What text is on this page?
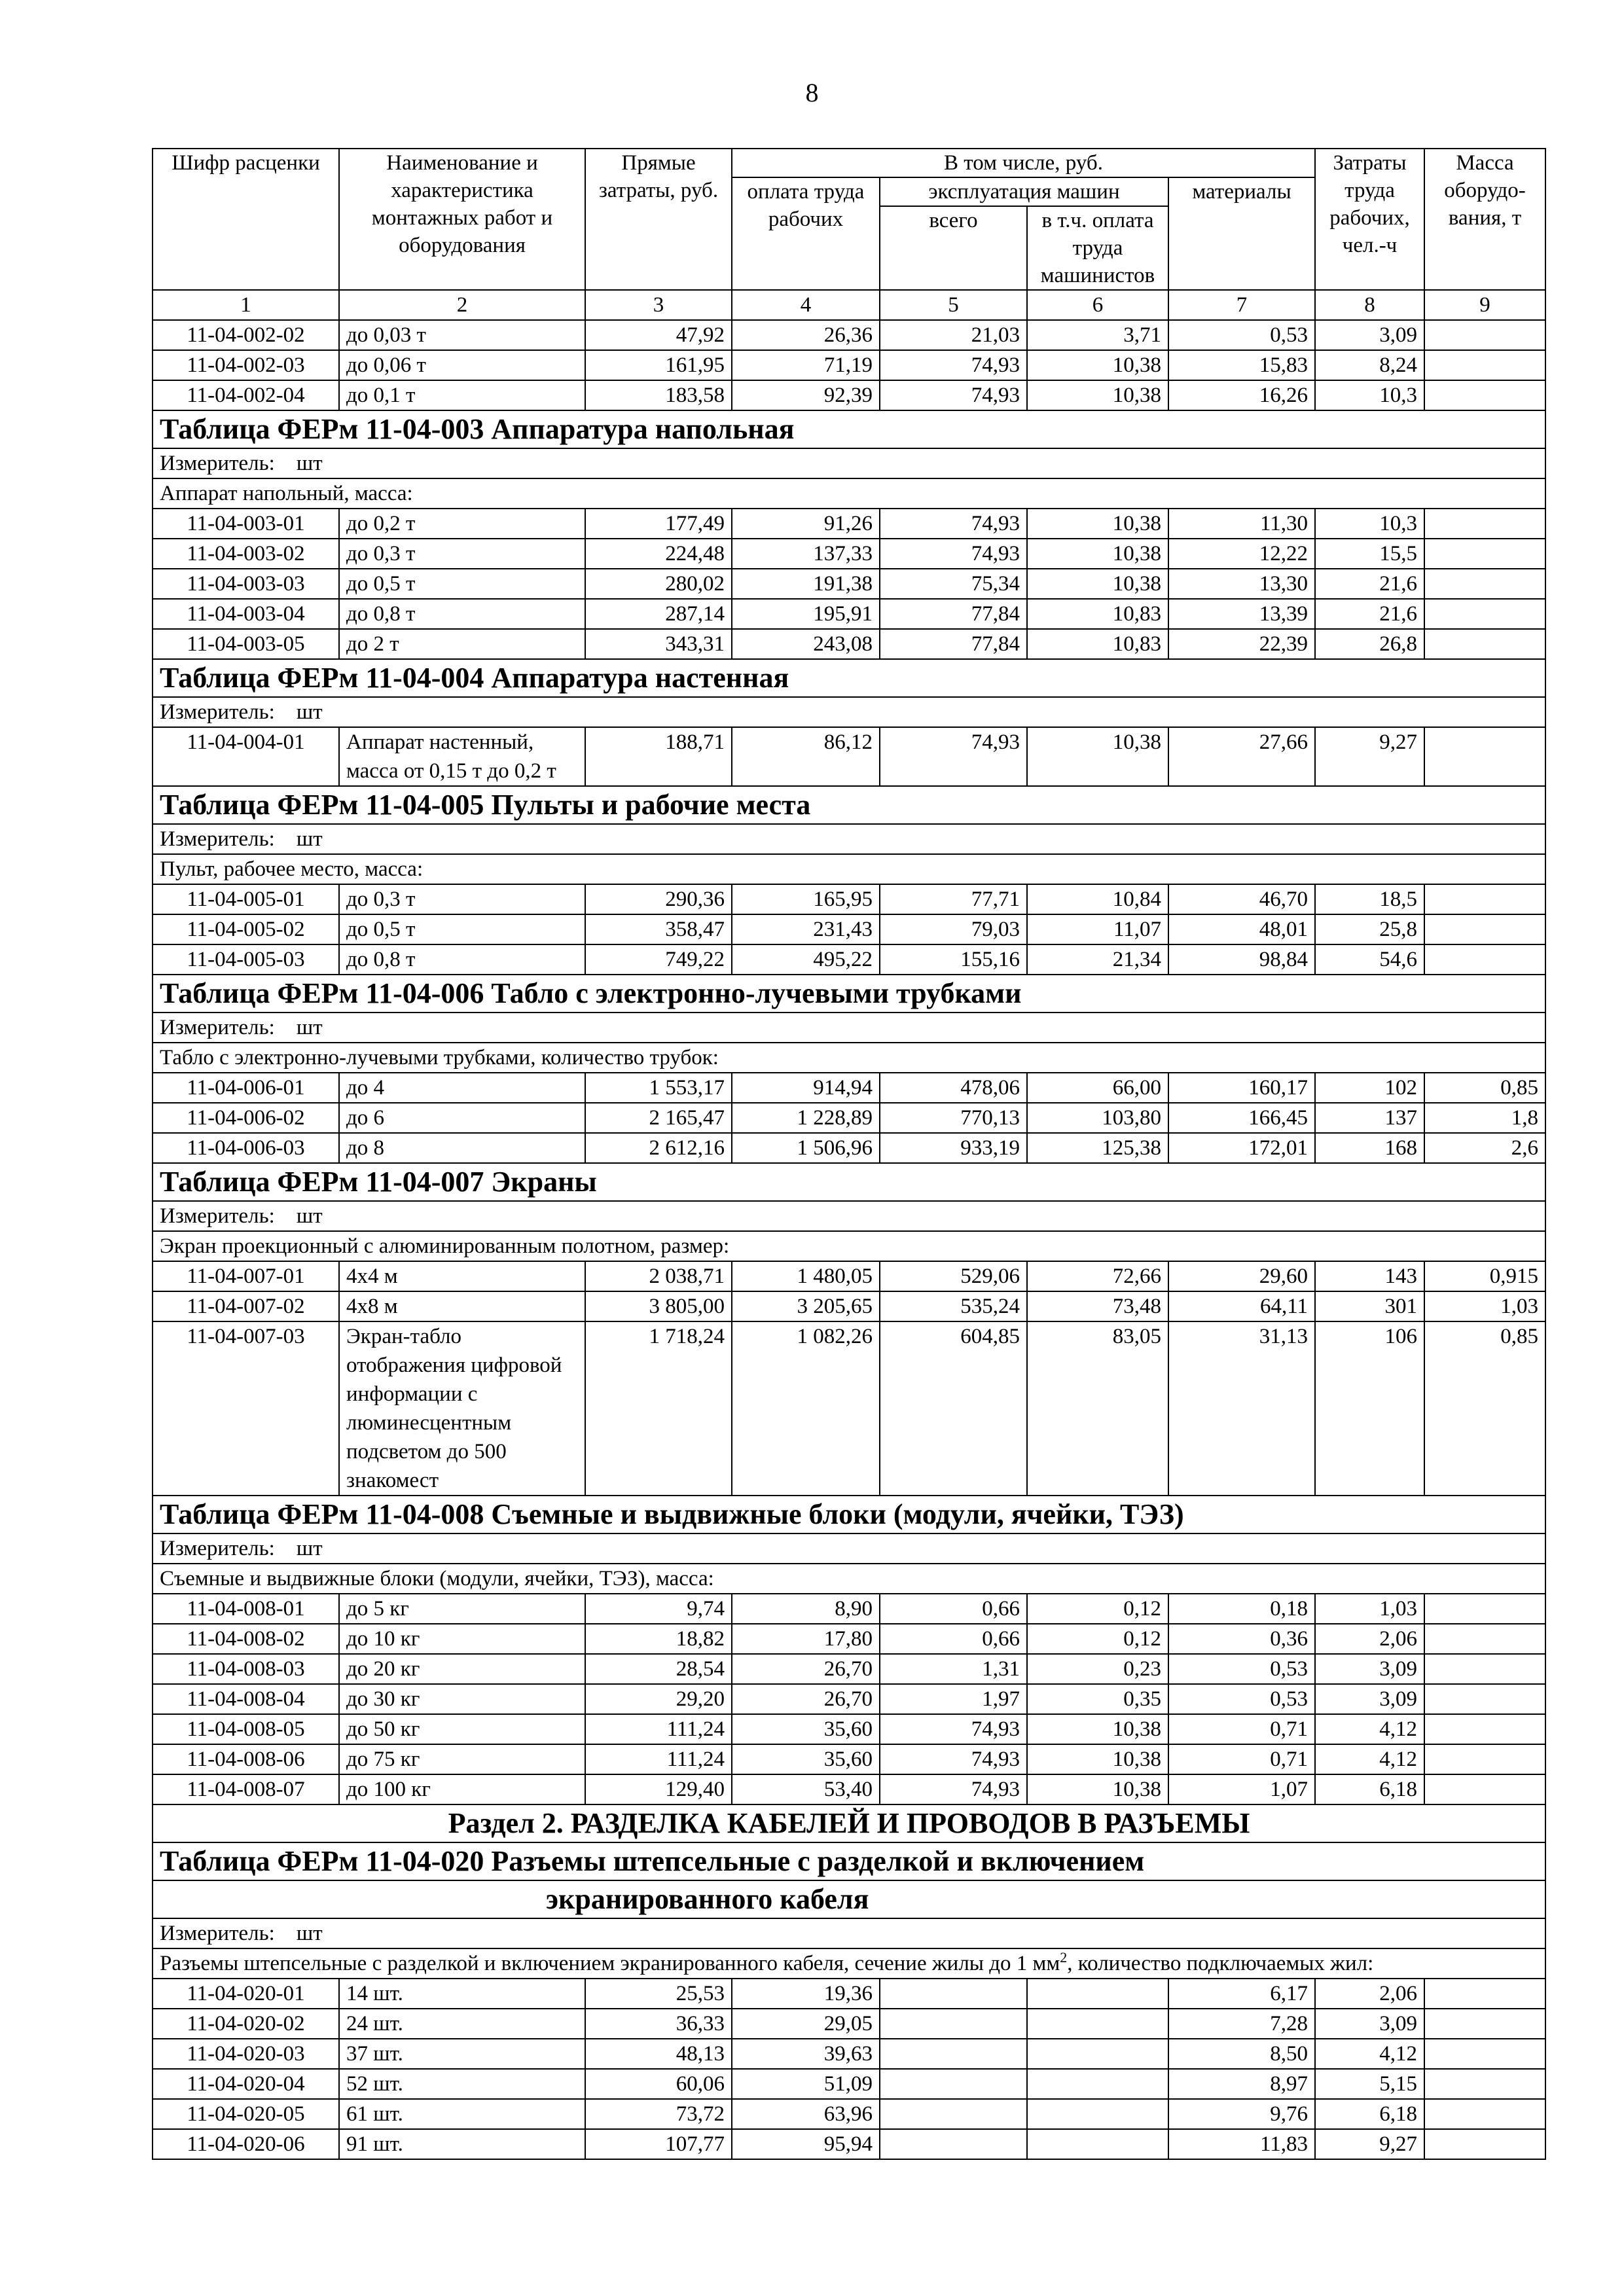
8
Шифр расценки	Наименование и характеристика монтажных работ и оборудования	Прямые затраты, руб.	В том числе, руб.				Затраты труда рабочих, чел.-ч	Масса оборудо-вания, т
			оплата труда рабочих	эксплуатация машин		материалы		
				всего	в т.ч. оплата труда машинистов			
1	2	3	4	5	6	7	8	9
11-04-002-02	до 0,03 т	47,92	26,36	21,03	3,71	0,53	3,09	
11-04-002-03	до 0,06 т	161,95	71,19	74,93	10,38	15,83	8,24	
11-04-002-04	до 0,1 т	183,58	92,39	74,93	10,38	16,26	10,3	
Таблица ФЕРм 11-04-003 Аппаратура напольная								
Измеритель:    шт								
Аппарат напольный, масса:								
11-04-003-01	до 0,2 т	177,49	91,26	74,93	10,38	11,30	10,3	
11-04-003-02	до 0,3 т	224,48	137,33	74,93	10,38	12,22	15,5	
11-04-003-03	до 0,5 т	280,02	191,38	75,34	10,38	13,30	21,6	
11-04-003-04	до 0,8 т	287,14	195,91	77,84	10,83	13,39	21,6	
11-04-003-05	до 2 т	343,31	243,08	77,84	10,83	22,39	26,8	
Таблица ФЕРм 11-04-004 Аппаратура настенная								
Измеритель:    шт								
11-04-004-01	Аппарат настенный, масса от 0,15 т до 0,2 т	188,71	86,12	74,93	10,38	27,66	9,27	
Таблица ФЕРм 11-04-005 Пульты и рабочие места								
Измеритель:    шт								
Пульт, рабочее место, масса:								
11-04-005-01	до 0,3 т	290,36	165,95	77,71	10,84	46,70	18,5	
11-04-005-02	до 0,5 т	358,47	231,43	79,03	11,07	48,01	25,8	
11-04-005-03	до 0,8 т	749,22	495,22	155,16	21,34	98,84	54,6	
Таблица ФЕРм 11-04-006 Табло с электронно-лучевыми трубками								
Измеритель:    шт								
Табло с электронно-лучевыми трубками, количество трубок:								
11-04-006-01	до 4	1 553,17	914,94	478,06	66,00	160,17	102	0,85
11-04-006-02	до 6	2 165,47	1 228,89	770,13	103,80	166,45	137	1,8
11-04-006-03	до 8	2 612,16	1 506,96	933,19	125,38	172,01	168	2,6
Таблица ФЕРм 11-04-007 Экраны								
Измеритель:    шт								
Экран проекционный с алюминированным полотном, размер:								
11-04-007-01	4х4 м	2 038,71	1 480,05	529,06	72,66	29,60	143	0,915
11-04-007-02	4х8 м	3 805,00	3 205,65	535,24	73,48	64,11	301	1,03
11-04-007-03	Экран-табло отображения цифровой информации с люминесцентным подсветом до 500 знакомест	1 718,24	1 082,26	604,85	83,05	31,13	106	0,85
Таблица ФЕРм 11-04-008 Съемные и выдвижные блоки (модули, ячейки, ТЭЗ)								
Измеритель:    шт								
Съемные и выдвижные блоки (модули, ячейки, ТЭЗ), масса:								
11-04-008-01	до 5 кг	9,74	8,90	0,66	0,12	0,18	1,03	
11-04-008-02	до 10 кг	18,82	17,80	0,66	0,12	0,36	2,06	
11-04-008-03	до 20 кг	28,54	26,70	1,31	0,23	0,53	3,09	
11-04-008-04	до 30 кг	29,20	26,70	1,97	0,35	0,53	3,09	
11-04-008-05	до 50 кг	111,24	35,60	74,93	10,38	0,71	4,12	
11-04-008-06	до 75 кг	111,24	35,60	74,93	10,38	0,71	4,12	
11-04-008-07	до 100 кг	129,40	53,40	74,93	10,38	1,07	6,18	
Раздел 2. РАЗДЕЛКА КАБЕЛЕЙ И ПРОВОДОВ В РАЗЪЕМЫ								
Таблица ФЕРм 11-04-020 Разъемы штепсельные с разделкой и включением								
экранированного кабеля								
Измеритель:    шт								
Разъемы штепсельные с разделкой и включением экранированного кабеля, сечение жилы до 1 $мм^2$, количество подключаемых жил:								
11-04-020-01	14 шт.	25,53	19,36			6,17	2,06	
11-04-020-02	24 шт.	36,33	29,05			7,28	3,09	
11-04-020-03	37 шт.	48,13	39,63			8,50	4,12	
11-04-020-04	52 шт.	60,06	51,09			8,97	5,15	
11-04-020-05	61 шт.	73,72	63,96			9,76	6,18	
11-04-020-06	91 шт.	107,77	95,94			11,83	9,27	
